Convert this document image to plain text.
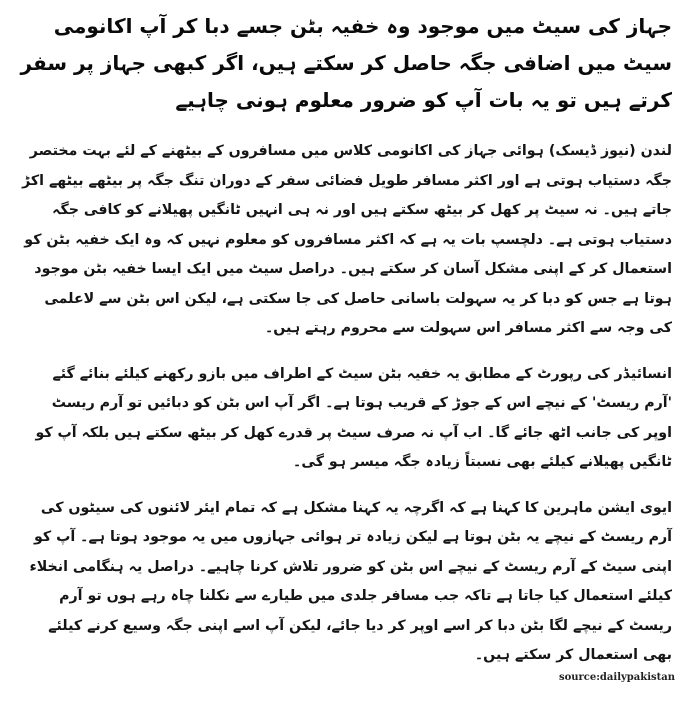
جہاز کی سیٹ میں موجود وہ خفیہ بٹن جسے دبا کر آپ اکانومی سیٹ میں اضافی جگہ حاصل کر سکتے ہیں، اگر کبھی جہاز پر سفر کرتے ہیں تو یہ بات آپ کو ضرور معلوم ہونی چاہیے

لندن (نیوز ڈیسک) ہوائی جہاز کی اکانومی کلاس میں مسافروں کے بیٹھنے کے لئے بہت مختصر جگہ دستیاب ہوتی ہے اور اکثر مسافر طویل فضائی سفر کے دوران تنگ جگہ پر بیٹھے بیٹھے اکڑ جاتے ہیں۔ نہ سیٹ پر کھل کر بیٹھ سکتے ہیں اور نہ ہی انہیں ٹانگیں پھیلانے کو کافی جگہ دستیاب ہوتی ہے۔ دلچسپ بات یہ ہے کہ اکثر مسافروں کو معلوم نہیں کہ وہ ایک خفیہ بٹن کو استعمال کر کے اپنی مشکل آسان کر سکتے ہیں۔ دراصل سیٹ میں ایک ایسا خفیہ بٹن موجود ہوتا ہے جس کو دبا کر یہ سہولت باسانی حاصل کی جا سکتی ہے، لیکن اس بٹن سے لاعلمی کی وجہ سے اکثر مسافر اس سہولت سے محروم رہتے ہیں۔

انسائیڈر کی رپورٹ کے مطابق یہ خفیہ بٹن سیٹ کے اطراف میں بازو رکھنے کیلئے بنائے گئے 'آرم ریسٹ' کے نیچے اس کے جوڑ کے قریب ہوتا ہے۔ اگر آپ اس بٹن کو دبائیں تو آرم ریسٹ اوپر کی جانب اٹھ جائے گا۔ اب آپ نہ صرف سیٹ پر قدرے کھل کر بیٹھ سکتے ہیں بلکہ آپ کو ٹانگیں پھیلانے کیلئے بھی نسبتاً زیادہ جگہ میسر ہو گی۔

ایوی ایشن ماہرین کا کہنا ہے کہ اگرچہ یہ کہنا مشکل ہے کہ تمام ایئر لائنوں کی سیٹوں کی آرم ریسٹ کے نیچے یہ بٹن ہوتا ہے لیکن زیادہ تر ہوائی جہازوں میں یہ موجود ہوتا ہے۔ آپ کو اپنی سیٹ کے آرم ریسٹ کے نیچے اس بٹن کو ضرور تلاش کرنا چاہیے۔ دراصل یہ ہنگامی انخلاء کیلئے استعمال کیا جاتا ہے تاکہ جب مسافر جلدی میں طیارے سے نکلنا چاہ رہے ہوں تو آرم ریسٹ کے نیچے لگا بٹن دبا کر اسے اوپر کر دیا جائے، لیکن آپ اسے اپنی جگہ وسیع کرنے کیلئے بھی استعمال کر سکتے ہیں۔

source:dailypakistan
